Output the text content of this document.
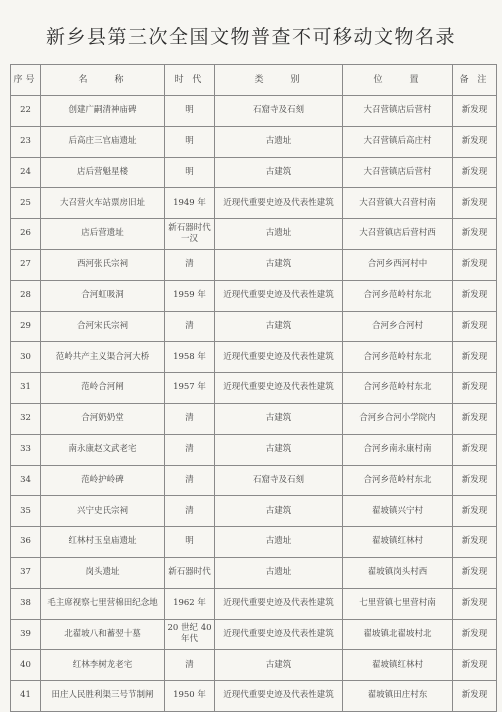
新乡县第三次全国文物普查不可移动文物名录
序号	名　　称	时 代	类　　别	位　　置	备 注
22	创建广嗣清神庙碑	明	石窟寺及石刻	大召营镇店后营村	新发现
23	后高庄三官庙遗址	明	古遗址	大召营镇后高庄村	新发现
24	店后营魁星楼	明	古建筑	大召营镇店后营村	新发现
25	大召营火车站票房旧址	1949 年	近现代重要史迹及代表性建筑	大召营镇大召营村南	新发现
26	店后营遗址	新石器时代一汉	古遗址	大召营镇店后营村西	新发现
27	西河张氏宗祠	清	古建筑	合河乡西河村中	新发现
28	合河虹吸洞	1959 年	近现代重要史迹及代表性建筑	合河乡范岭村东北	新发现
29	合河宋氏宗祠	清	古建筑	合河乡合河村	新发现
30	范岭共产主义渠合河大桥	1958 年	近现代重要史迹及代表性建筑	合河乡范岭村东北	新发现
31	范岭合河闸	1957 年	近现代重要史迹及代表性建筑	合河乡范岭村东北	新发现
32	合河奶奶堂	清	古建筑	合河乡合河小学院内	新发现
33	南永康赵文武老宅	清	古建筑	合河乡南永康村南	新发现
34	范岭护岭碑	清	石窟寺及石刻	合河乡范岭村东北	新发现
35	兴宁史氏宗祠	清	古建筑	翟坡镇兴宁村	新发现
36	红林村玉皇庙遗址	明	古遗址	翟坡镇红林村	新发现
37	岗头遗址	新石器时代	古遗址	翟坡镇岗头村西	新发现
38	毛主席视察七里营棉田纪念地	1962 年	近现代重要史迹及代表性建筑	七里营镇七里营村南	新发现
39	北翟坡八和蓄翌十墓	20 世纪 40 年代	近现代重要史迹及代表性建筑	翟坡镇北翟坡村北	新发现
40	红林李树龙老宅	清	古建筑	翟坡镇红林村	新发现
41	田庄人民胜利渠三号节制闸	1950 年	近现代重要史迹及代表性建筑	翟坡镇田庄村东	新发现
